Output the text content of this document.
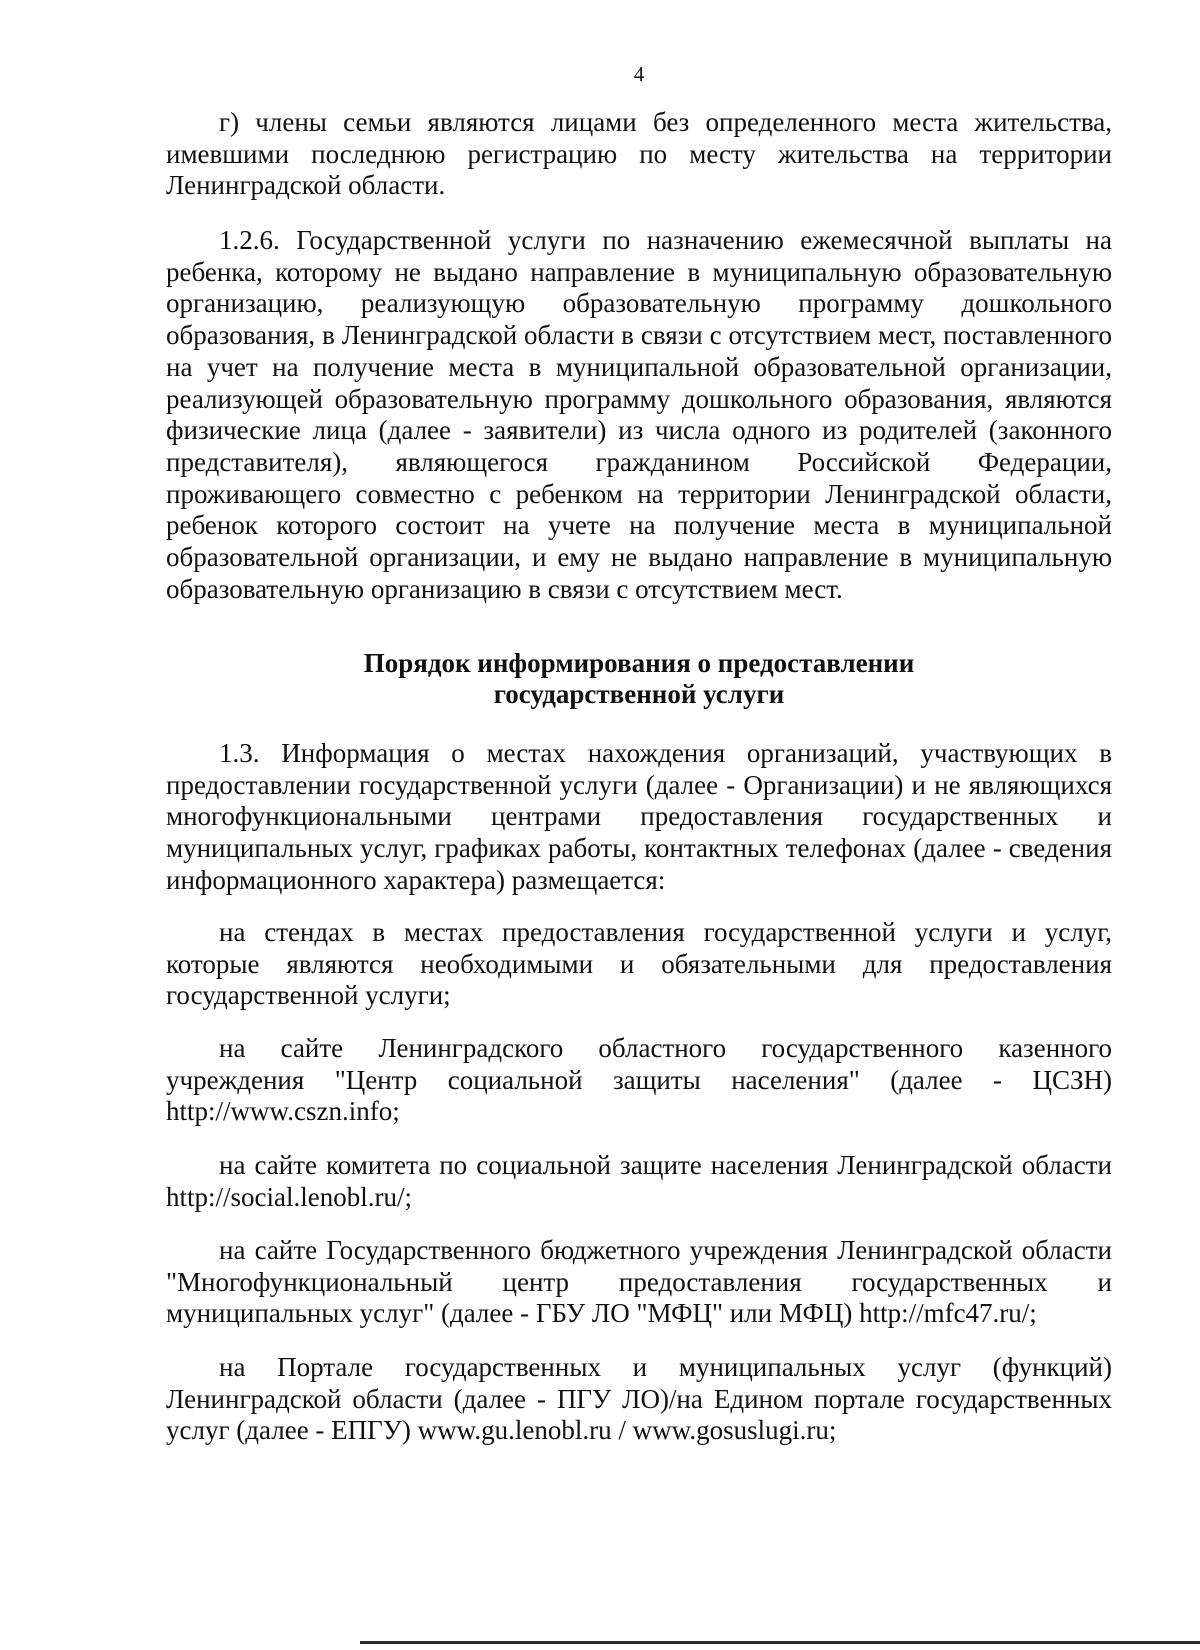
4

г) члены семьи являются лицами без определенного места жительства, имевшими последнюю регистрацию по месту жительства на территории Ленинградской области.

1.2.6. Государственной услуги по назначению ежемесячной выплаты на ребенка, которому не выдано направление в муниципальную образовательную организацию, реализующую образовательную программу дошкольного образования, в Ленинградской области в связи с отсутствием мест, поставленного на учет на получение места в муниципальной образовательной организации, реализующей образовательную программу дошкольного образования, являются физические лица (далее - заявители) из числа одного из родителей (законного представителя), являющегося гражданином Российской Федерации, проживающего совместно с ребенком на территории Ленинградской области, ребенок которого состоит на учете на получение места в муниципальной образовательной организации, и ему не выдано направление в муниципальную образовательную организацию в связи с отсутствием мест.

Порядок информирования о предоставлении
государственной услуги

1.3. Информация о местах нахождения организаций, участвующих в предоставлении государственной услуги (далее - Организации) и не являющихся многофункциональными центрами предоставления государственных и муниципальных услуг, графиках работы, контактных телефонах (далее - сведения информационного характера) размещается:

на стендах в местах предоставления государственной услуги и услуг, которые являются необходимыми и обязательными для предоставления государственной услуги;

на сайте Ленинградского областного государственного казенного учреждения "Центр социальной защиты населения" (далее - ЦСЗН) http://www.cszn.info;

на сайте комитета по социальной защите населения Ленинградской области http://social.lenobl.ru/;

на сайте Государственного бюджетного учреждения Ленинградской области "Многофункциональный центр предоставления государственных и муниципальных услуг" (далее - ГБУ ЛО "МФЦ" или МФЦ) http://mfc47.ru/;

на Портале государственных и муниципальных услуг (функций) Ленинградской области (далее - ПГУ ЛО)/на Едином портале государственных услуг (далее - ЕПГУ) www.gu.lenobl.ru / www.gosuslugi.ru;
